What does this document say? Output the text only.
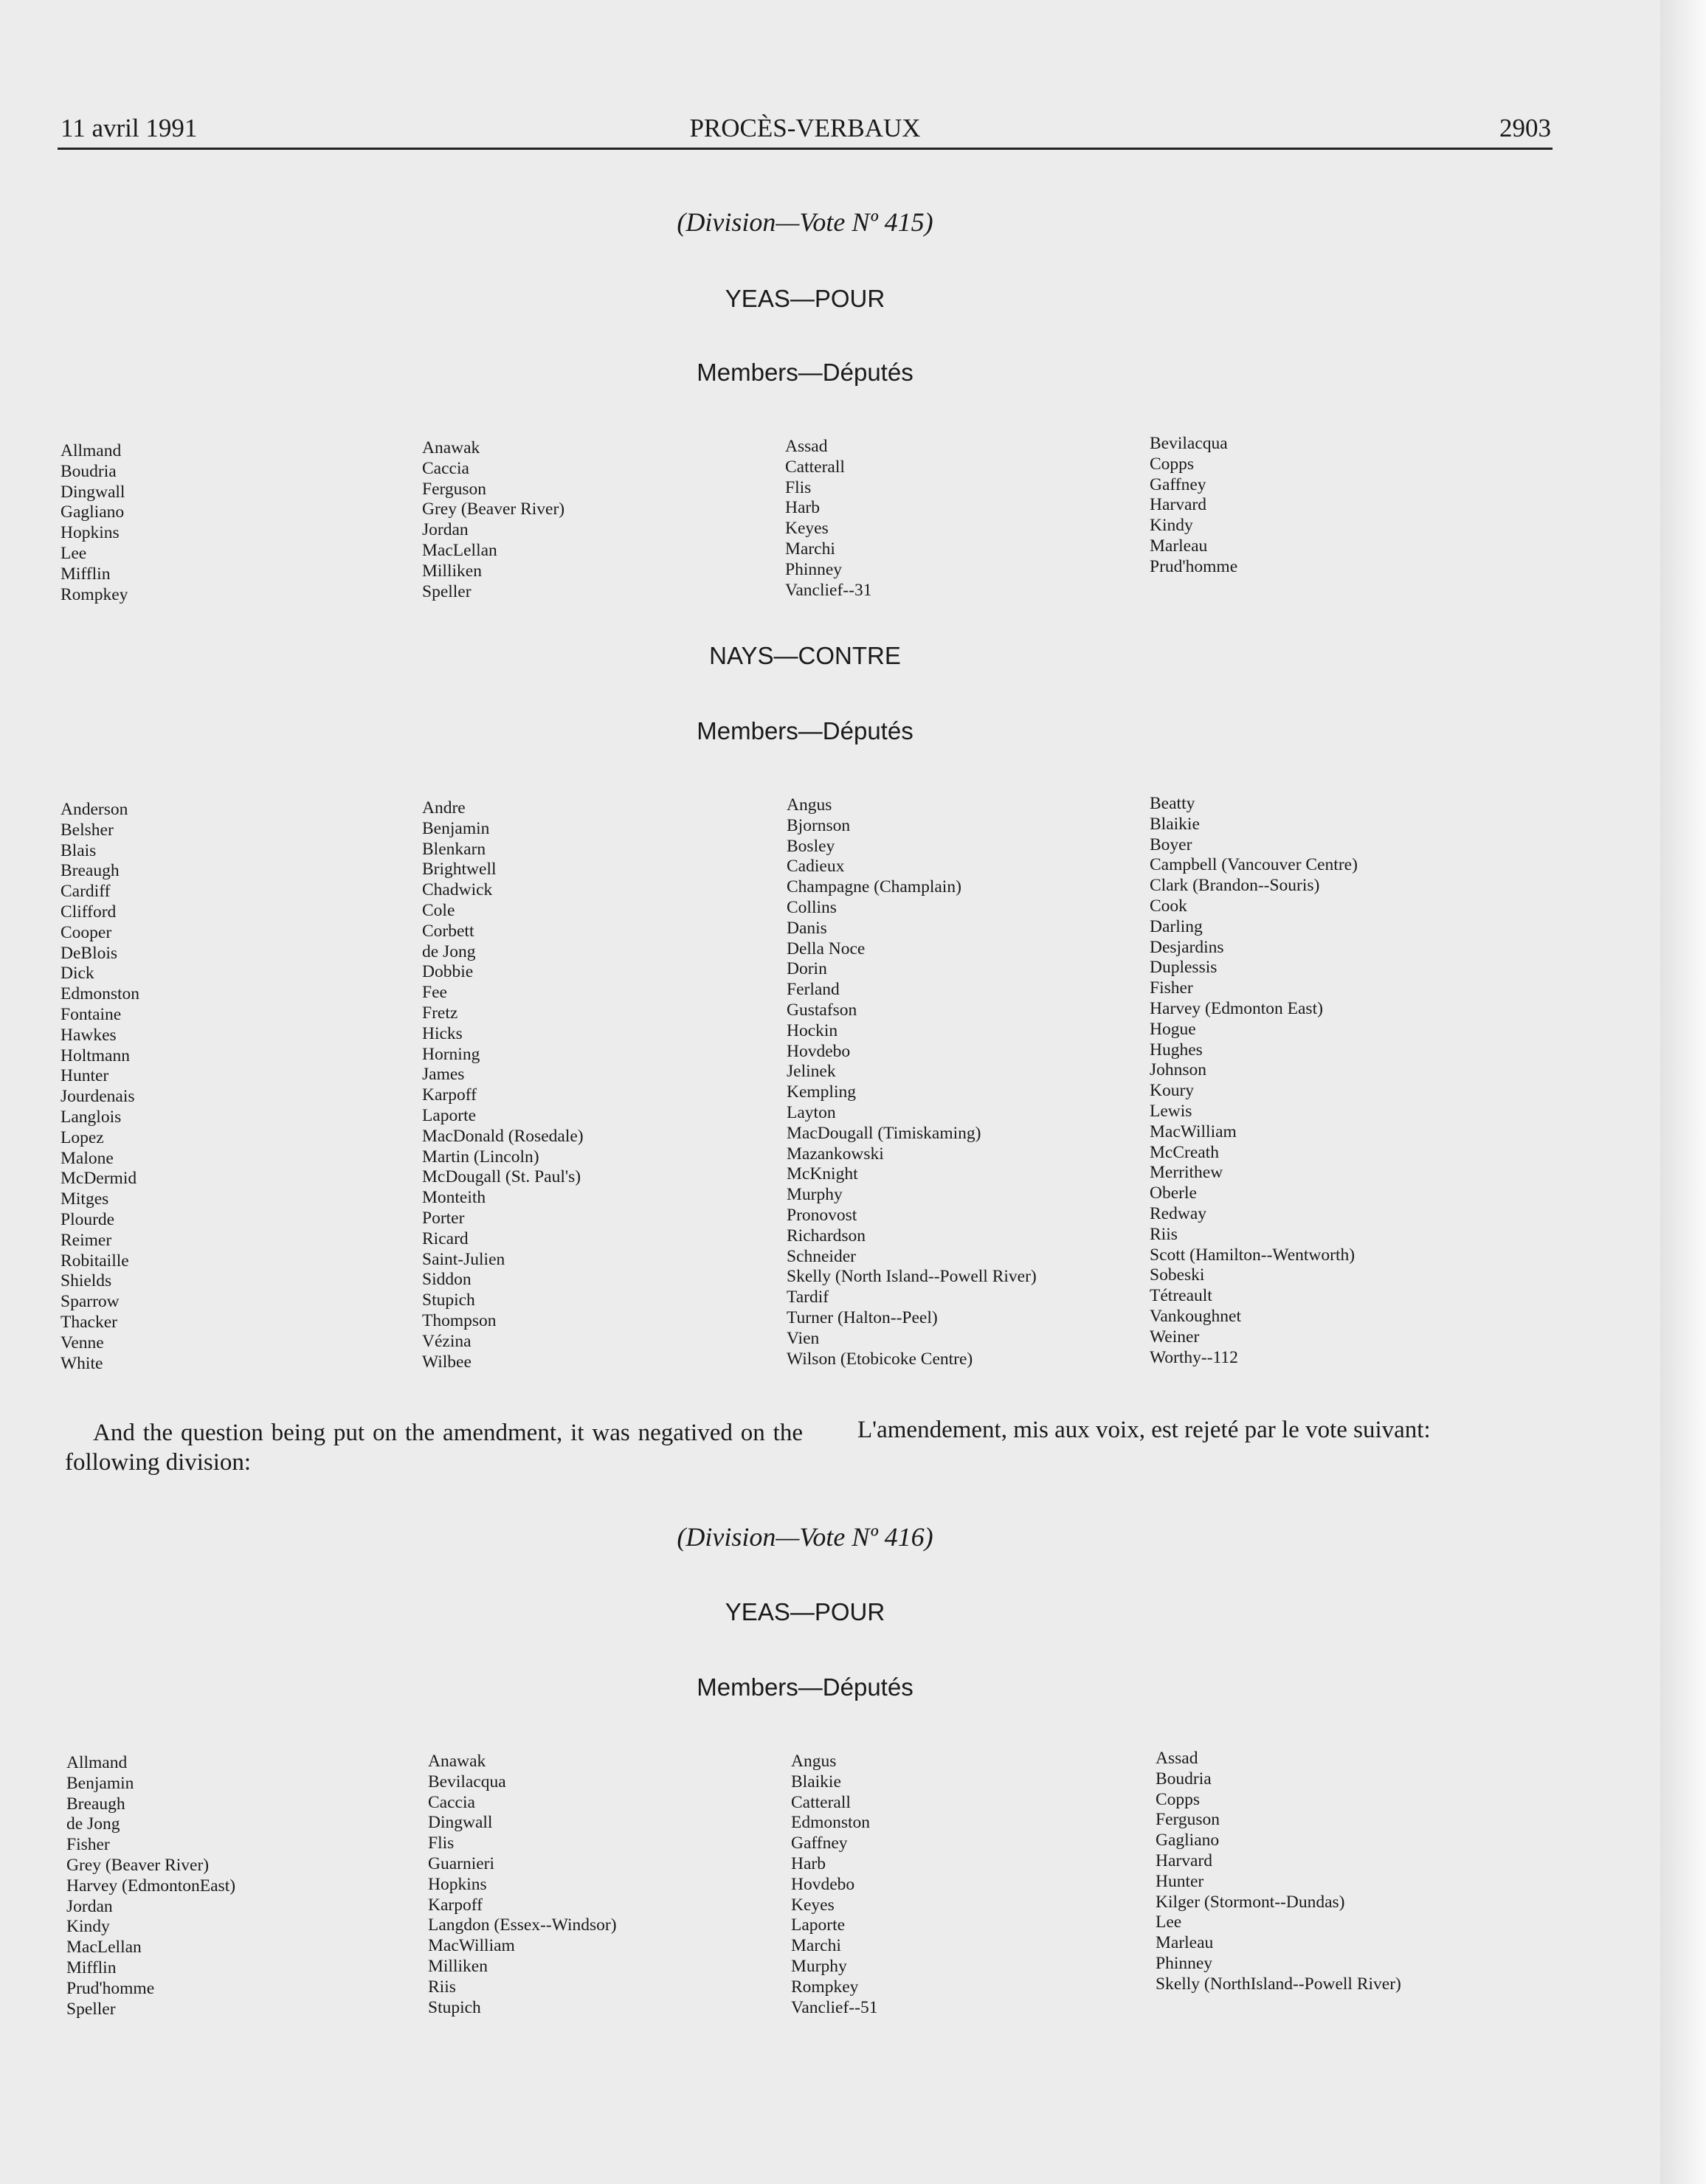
11 avril 1991	PROCÈS-VERBAUX	2903
(Division—Vote Nº 415)
YEAS—POUR
Members—Députés
Allmand
Boudria
Dingwall
Gagliano
Hopkins
Lee
Mifflin
Rompkey
Anawak
Caccia
Ferguson
Grey (Beaver River)
Jordan
MacLellan
Milliken
Speller
Assad
Catterall
Flis
Harb
Keyes
Marchi
Phinney
Vanclief--31
Bevilacqua
Copps
Gaffney
Harvard
Kindy
Marleau
Prud'homme
NAYS—CONTRE
Members—Députés
Anderson
Belsher
Blais
Breaugh
Cardiff
Clifford
Cooper
DeBlois
Dick
Edmonston
Fontaine
Hawkes
Holtmann
Hunter
Jourdenais
Langlois
Lopez
Malone
McDermid
Mitges
Plourde
Reimer
Robitaille
Shields
Sparrow
Thacker
Venne
White
Andre
Benjamin
Blenkarn
Brightwell
Chadwick
Cole
Corbett
de Jong
Dobbie
Fee
Fretz
Hicks
Horning
James
Karpoff
Laporte
MacDonald (Rosedale)
Martin (Lincoln)
McDougall (St. Paul's)
Monteith
Porter
Ricard
Saint-Julien
Siddon
Stupich
Thompson
Vézina
Wilbee
Angus
Bjornson
Bosley
Cadieux
Champagne (Champlain)
Collins
Danis
Della Noce
Dorin
Ferland
Gustafson
Hockin
Hovdebo
Jelinek
Kempling
Layton
MacDougall (Timiskaming)
Mazankowski
McKnight
Murphy
Pronovost
Richardson
Schneider
Skelly (North Island--Powell River)
Tardif
Turner (Halton--Peel)
Vien
Wilson (Etobicoke Centre)
Beatty
Blaikie
Boyer
Campbell (Vancouver Centre)
Clark (Brandon--Souris)
Cook
Darling
Desjardins
Duplessis
Fisher
Harvey (Edmonton East)
Hogue
Hughes
Johnson
Koury
Lewis
MacWilliam
McCreath
Merrithew
Oberle
Redway
Riis
Scott (Hamilton--Wentworth)
Sobeski
Tétreault
Vankoughnet
Weiner
Worthy--112
And the question being put on the amendment, it was negatived on the following division:
L'amendement, mis aux voix, est rejeté par le vote suivant:
(Division—Vote Nº 416)
YEAS—POUR
Members—Députés
Allmand
Benjamin
Breaugh
de Jong
Fisher
Grey (Beaver River)
Harvey (EdmontonEast)
Jordan
Kindy
MacLellan
Mifflin
Prud'homme
Speller
Anawak
Bevilacqua
Caccia
Dingwall
Flis
Guarnieri
Hopkins
Karpoff
Langdon (Essex--Windsor)
MacWilliam
Milliken
Riis
Stupich
Angus
Blaikie
Catterall
Edmonston
Gaffney
Harb
Hovdebo
Keyes
Laporte
Marchi
Murphy
Rompkey
Vanclief--51
Assad
Boudria
Copps
Ferguson
Gagliano
Harvard
Hunter
Kilger (Stormont--Dundas)
Lee
Marleau
Phinney
Skelly (NorthIsland--Powell River)
